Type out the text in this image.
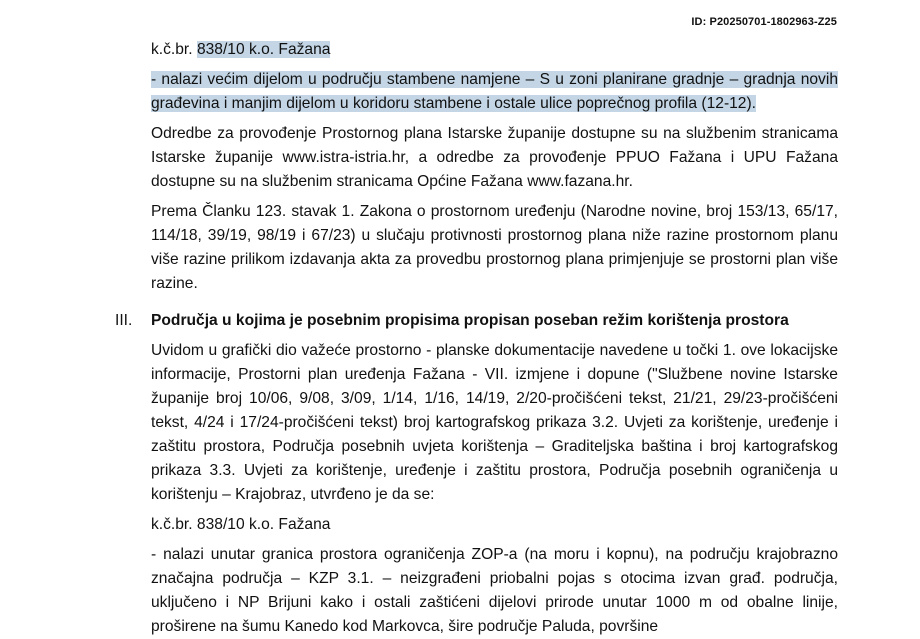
ID: P20250701-1802963-Z25

k.č.br. 838/10 k.o. Fažana

- nalazi većim dijelom u području stambene namjene – S u zoni planirane gradnje – gradnja novih građevina i manjim dijelom u koridoru stambene i ostale ulice poprečnog profila (12-12).

Odredbe za provođenje Prostornog plana Istarske županije dostupne su na službenim stranicama Istarske županije www.istra-istria.hr, a odredbe za provođenje PPUO Fažana i UPU Fažana dostupne su na službenim stranicama Općine Fažana www.fazana.hr.

Prema Članku 123. stavak 1. Zakona o prostornom uređenju (Narodne novine, broj 153/13, 65/17, 114/18, 39/19, 98/19 i 67/23) u slučaju protivnosti prostornog plana niže razine prostornom planu više razine prilikom izdavanja akta za provedbu prostornog plana primjenjuje se prostorni plan više razine.

III. Područja u kojima je posebnim propisima propisan poseban režim korištenja prostora

Uvidom u grafički dio važeće prostorno - planske dokumentacije navedene u točki 1. ove lokacijske informacije, Prostorni plan uređenja Fažana - VII. izmjene i dopune ("Službene novine Istarske županije broj 10/06, 9/08, 3/09, 1/14, 1/16, 14/19, 2/20-pročišćeni tekst, 21/21, 29/23-pročišćeni tekst, 4/24 i 17/24-pročišćeni tekst) broj kartografskog prikaza 3.2. Uvjeti za korištenje, uređenje i zaštitu prostora, Područja posebnih uvjeta korištenja – Graditeljska baština i broj kartografskog prikaza 3.3. Uvjeti za korištenje, uređenje i zaštitu prostora, Područja posebnih ograničenja u korištenju – Krajobraz, utvrđeno je da se:

k.č.br. 838/10 k.o. Fažana

- nalazi unutar granica prostora ograničenja ZOP-a (na moru i kopnu), na području krajobrazno značajna područja – KZP 3.1. – neizgrađeni priobalni pojas s otocima izvan građ. područja, uključeno i NP Brijuni kako i ostali zaštićeni dijelovi prirode unutar 1000 m od obalne linije, proširene na šumu Kanedo kod Markovca, šire područje Paluda, površine
